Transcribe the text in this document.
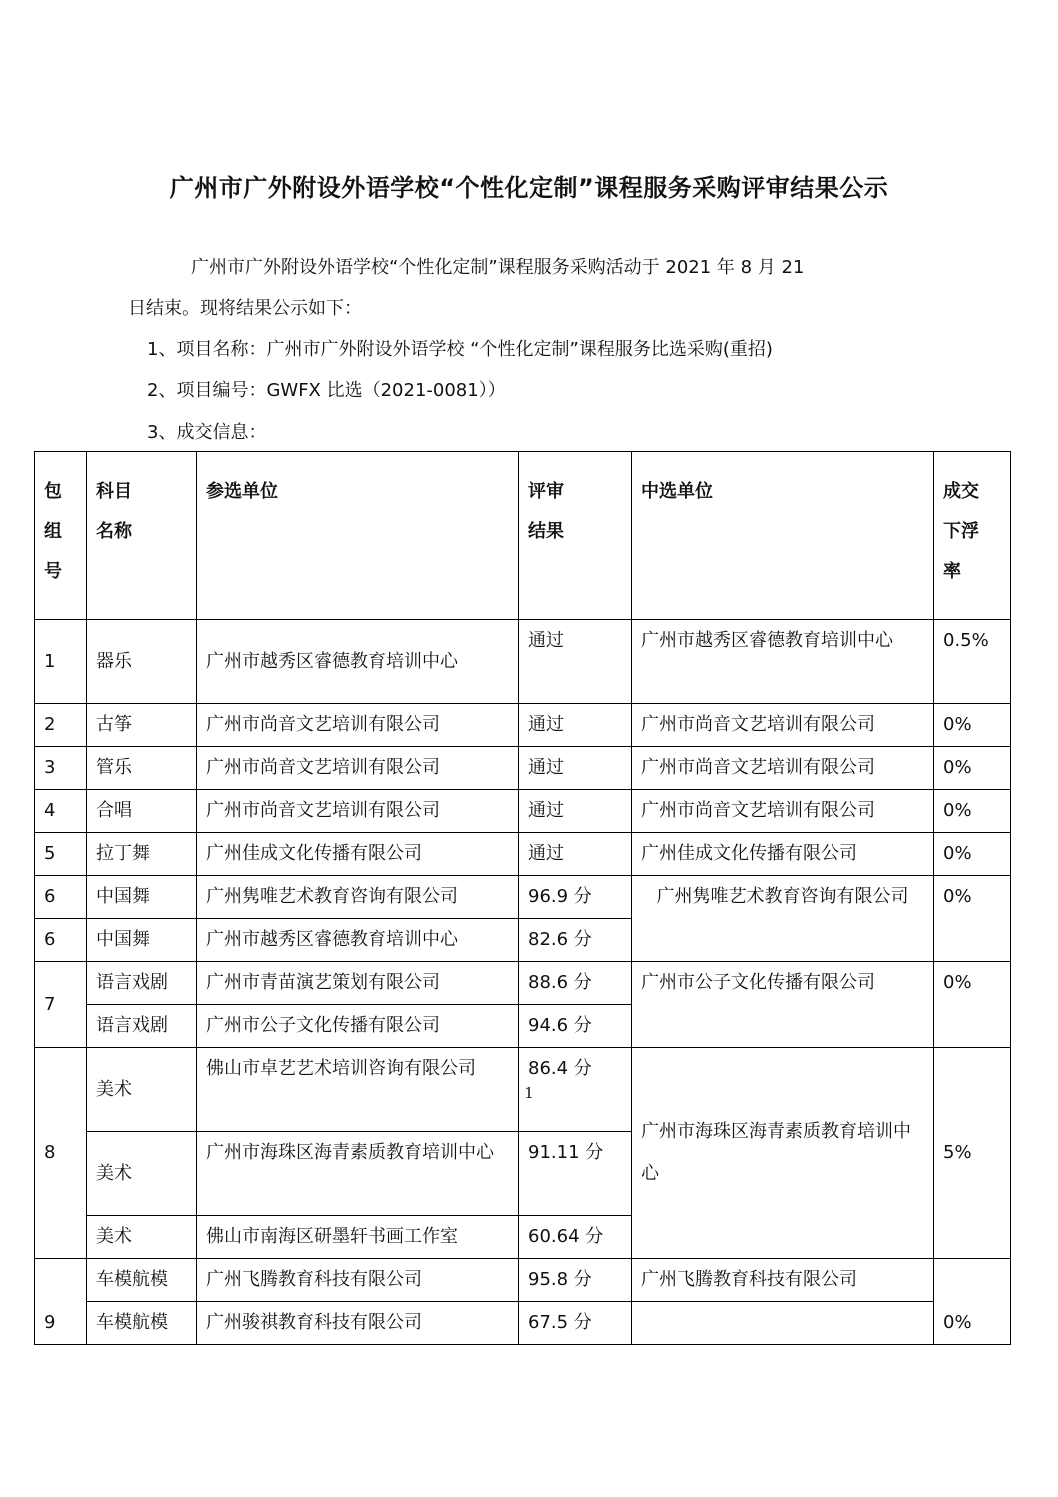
广州市广外附设外语学校“个性化定制”课程服务采购评审结果公示
广州市广外附设外语学校“个性化定制”课程服务采购活动于 2021 年 8 月 21
日结束。现将结果公示如下：
1、项目名称：广州市广外附设外语学校 “个性化定制”课程服务比选采购(重招)
2、项目编号：GWFX 比选（2021-0081））
3、成交信息：
包组号	科目名称	参选单位	评审结果	中选单位	成交下浮率

1	器乐	广州市越秀区睿德教育培训中心	通过	广州市越秀区睿德教育培训中心	0.5%
2	古筝	广州市尚音文艺培训有限公司	通过	广州市尚音文艺培训有限公司	0%
3	管乐	广州市尚音文艺培训有限公司	通过	广州市尚音文艺培训有限公司	0%
4	合唱	广州市尚音文艺培训有限公司	通过	广州市尚音文艺培训有限公司	0%
5	拉丁舞	广州佳成文化传播有限公司	通过	广州佳成文化传播有限公司	0%
6	中国舞	广州隽唯艺术教育咨询有限公司	96.9 分	广州隽唯艺术教育咨询有限公司	0%
6	中国舞	广州市越秀区睿德教育培训中心	82.6 分		
7	语言戏剧	广州市青苗演艺策划有限公司	88.6 分	广州市公子文化传播有限公司	0%
	语言戏剧	广州市公子文化传播有限公司	94.6 分		
8	美术	佛山市卓艺艺术培训咨询有限公司	86.4 分	广州市海珠区海青素质教育培训中心	5%
	美术	广州市海珠区海青素质教育培训中心	91.11 分		
	美术	佛山市南海区研墨轩书画工作室	60.64 分		
9	车模航模	广州飞腾教育科技有限公司	95.8 分	广州飞腾教育科技有限公司	0%
	车模航模	广州骏祺教育科技有限公司	67.5 分		
1
